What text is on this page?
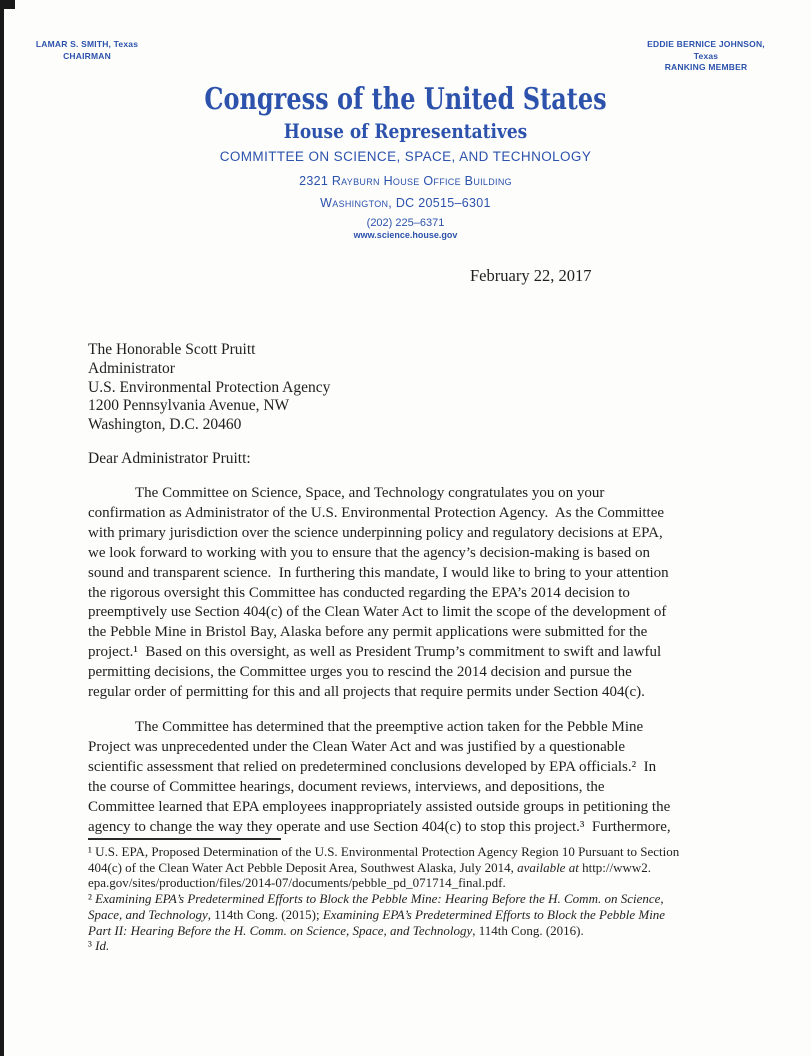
LAMAR S. SMITH, Texas
CHAIRMAN
EDDIE BERNICE JOHNSON, Texas
RANKING MEMBER
Congress of the United States
House of Representatives
COMMITTEE ON SCIENCE, SPACE, AND TECHNOLOGY
2321 Rayburn House Office Building
Washington, DC 20515–6301
(202) 225–6371
www.science.house.gov
February 22, 2017
The Honorable Scott Pruitt
Administrator
U.S. Environmental Protection Agency
1200 Pennsylvania Avenue, NW
Washington, D.C. 20460
Dear Administrator Pruitt:
The Committee on Science, Space, and Technology congratulates you on your
confirmation as Administrator of the U.S. Environmental Protection Agency.  As the Committee
with primary jurisdiction over the science underpinning policy and regulatory decisions at EPA,
we look forward to working with you to ensure that the agency’s decision-making is based on
sound and transparent science.  In furthering this mandate, I would like to bring to your attention
the rigorous oversight this Committee has conducted regarding the EPA’s 2014 decision to
preemptively use Section 404(c) of the Clean Water Act to limit the scope of the development of
the Pebble Mine in Bristol Bay, Alaska before any permit applications were submitted for the
project.¹  Based on this oversight, as well as President Trump’s commitment to swift and lawful
permitting decisions, the Committee urges you to rescind the 2014 decision and pursue the
regular order of permitting for this and all projects that require permits under Section 404(c).
The Committee has determined that the preemptive action taken for the Pebble Mine
Project was unprecedented under the Clean Water Act and was justified by a questionable
scientific assessment that relied on predetermined conclusions developed by EPA officials.²  In
the course of Committee hearings, document reviews, interviews, and depositions, the
Committee learned that EPA employees inappropriately assisted outside groups in petitioning the
agency to change the way they operate and use Section 404(c) to stop this project.³  Furthermore,
¹ U.S. EPA, Proposed Determination of the U.S. Environmental Protection Agency Region 10 Pursuant to Section
404(c) of the Clean Water Act Pebble Deposit Area, Southwest Alaska, July 2014, available at http://www2.
epa.gov/sites/production/files/2014-07/documents/pebble_pd_071714_final.pdf.
² Examining EPA’s Predetermined Efforts to Block the Pebble Mine: Hearing Before the H. Comm. on Science,
Space, and Technology, 114th Cong. (2015); Examining EPA’s Predetermined Efforts to Block the Pebble Mine
Part II: Hearing Before the H. Comm. on Science, Space, and Technology, 114th Cong. (2016).
³ Id.
